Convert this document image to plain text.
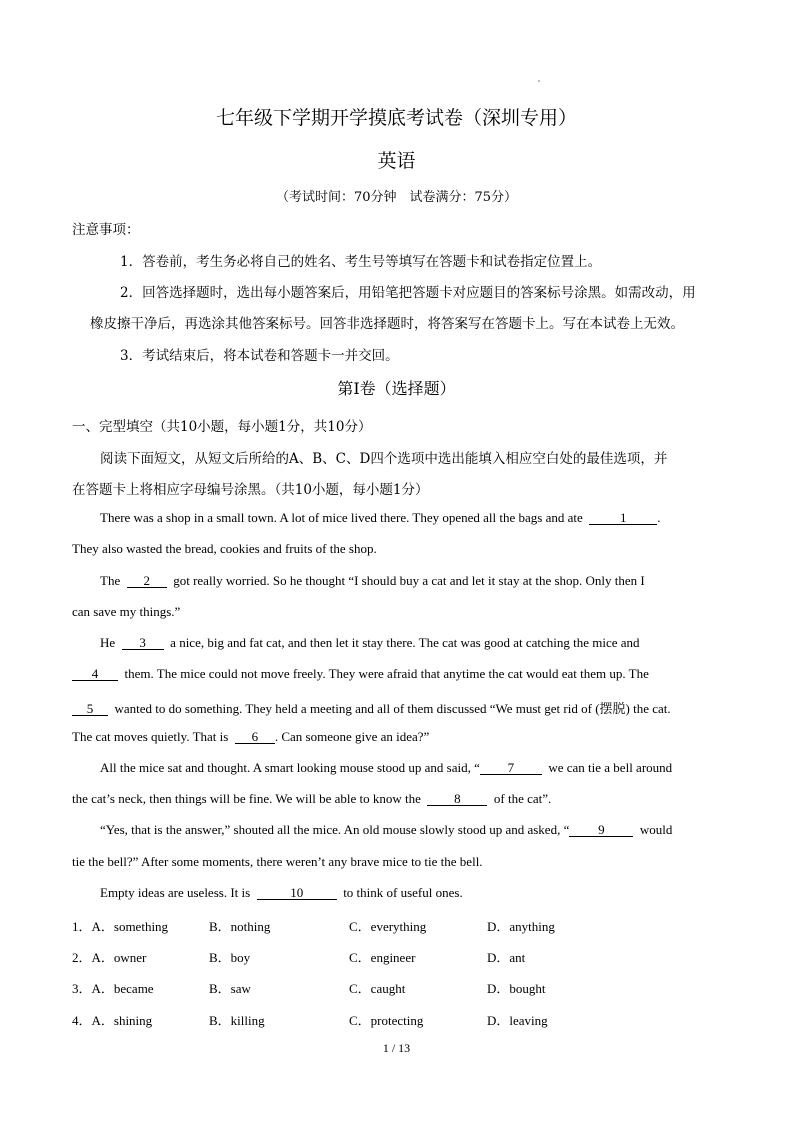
七年级下学期开学摸底考试卷（深圳专用）
英语
（考试时间：70分钟　试卷满分：75分）
注意事项：
1．答卷前，考生务必将自己的姓名、考生号等填写在答题卡和试卷指定位置上。
2．回答选择题时，选出每小题答案后，用铅笔把答题卡对应题目的答案标号涂黑。如需改动，用
橡皮擦干净后，再选涂其他答案标号。回答非选择题时，将答案写在答题卡上。写在本试卷上无效。
3．考试结束后，将本试卷和答题卡一并交回。
第Ⅰ卷（选择题）
一、完型填空（共10小题，每小题1分，共10分）
阅读下面短文，从短文后所给的A、B、C、D四个选项中选出能填入相应空白处的最佳选项，并
在答题卡上将相应字母编号涂黑。（共10小题，每小题1分）
There was a shop in a small town. A lot of mice lived there. They opened all the bags and ate	1 .
They also wasted the bread, cookies and fruits of the shop.
The 2 got really worried. So he thought “I should buy a cat and let it stay at the shop. Only then I
can save my things.”
He 3 a nice, big and fat cat, and then let it stay there. The cat was good at catching the mice and
4 them. The mice could not move freely. They were afraid that anytime the cat would eat them up. The
5 wanted to do something. They held a meeting and all of them discussed “We must get rid of (摆脱) the cat.
The cat moves quietly. That is 6 . Can someone give an idea?”
All the mice sat and thought. A smart looking mouse stood up and said, “ 7	we can tie a bell around
the cat’s neck, then things will be fine. We will be able to know the	8	of the cat”.
“Yes, that is the answer,” shouted all the mice. An old mouse slowly stood up and asked, “ 9	would
tie the bell?” After some moments, there weren’t any brave mice to tie the bell.
Empty ideas are useless. It is	10	to think of useful ones.
1．A．something	B．nothing	C．everything	D．anything
2．A．owner	B．boy	C．engineer	D．ant
3．A．became	B．saw	C．caught	D．bought
4．A．shining	B．killing	C．protecting	D．leaving
1 / 13
